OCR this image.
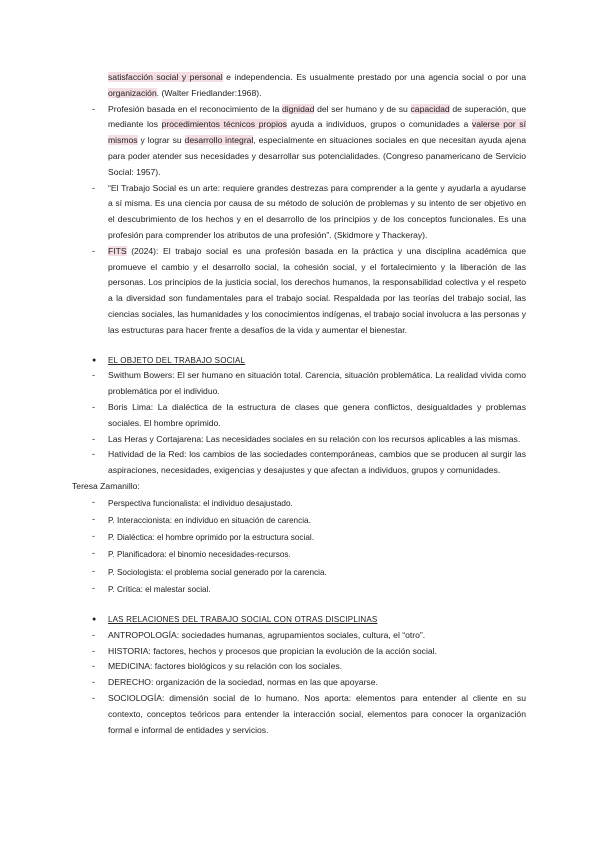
satisfacción social y personal e independencia. Es usualmente prestado por una agencia social o por una organización. (Walter Friedlander:1968).

-	Profesión basada en el reconocimiento de la dignidad del ser humano y de su capacidad de superación, que mediante los procedimientos técnicos propios ayuda a individuos, grupos o comunidades a valerse por sí mismos y lograr su desarrollo integral, especialmente en situaciones sociales en que necesitan ayuda ajena para poder atender sus necesidades y desarrollar sus potencialidades. (Congreso panamericano de Servicio Social: 1957).

-	“El Trabajo Social es un arte: requiere grandes destrezas para comprender a la gente y ayudarla a ayudarse a sí misma. Es una ciencia por causa de su método de solución de problemas y su intento de ser objetivo en el descubrimiento de los hechos y en el desarrollo de los principios y de los conceptos funcionales. Es una profesión para comprender los atributos de una profesión”. (Skidmore y Thackeray).

-	FITS (2024): El trabajo social es una profesión basada en la práctica y una disciplina académica que promueve el cambio y el desarrollo social, la cohesión social, y el fortalecimiento y la liberación de las personas. Los principios de la justicia social, los derechos humanos, la responsabilidad colectiva y el respeto a la diversidad son fundamentales para el trabajo social. Respaldada por las teorías del trabajo social, las ciencias sociales, las humanidades y los conocimientos indígenas, el trabajo social involucra a las personas y las estructuras para hacer frente a desafíos de la vida y aumentar el bienestar.

●	EL OBJETO DEL TRABAJO SOCIAL
-	Swithum Bowers: El ser humano en situación total. Carencia, situación problemática. La realidad vivida como problemática por el individuo.

-	Boris Lima: La dialéctica de la estructura de clases que genera conflictos, desigualdades y problemas sociales. El hombre oprimido.

-	Las Heras y Cortajarena: Las necesidades sociales en su relación con los recursos aplicables a las mismas.

-	Hatividad de la Red: los cambios de las sociedades contemporáneas, cambios que se producen al surgir las aspiraciones, necesidades, exigencias y desajustes y que afectan a individuos, grupos y comunidades.

Teresa Zamanillo:

-	Perspectiva funcionalista: el individuo desajustado.

-	P. Interaccionista: en individuo en situación de carencia.

-	P. Dialéctica: el hombre oprimido por la estructura social.

-	P. Planificadora: el binomio necesidades-recursos.

-	P. Sociologista: el problema social generado por la carencia.

-	P. Crítica: el malestar social.

●	LAS RELACIONES DEL TRABAJO SOCIAL CON OTRAS DISCIPLINAS
-	ANTROPOLOGÍA: sociedades humanas, agrupamientos sociales, cultura, el “otro”.

-	HISTORIA: factores, hechos y procesos que propician la evolución de la acción social.

-	MEDICINA: factores biológicos y su relación con los sociales.

-	DERECHO: organización de la sociedad, normas en las que apoyarse.

-	SOCIOLOGÍA: dimensión social de lo humano. Nos aporta: elementos para entender al cliente en su contexto, conceptos teóricos para entender la interacción social, elementos para conocer la organización formal e informal de entidades y servicios.
